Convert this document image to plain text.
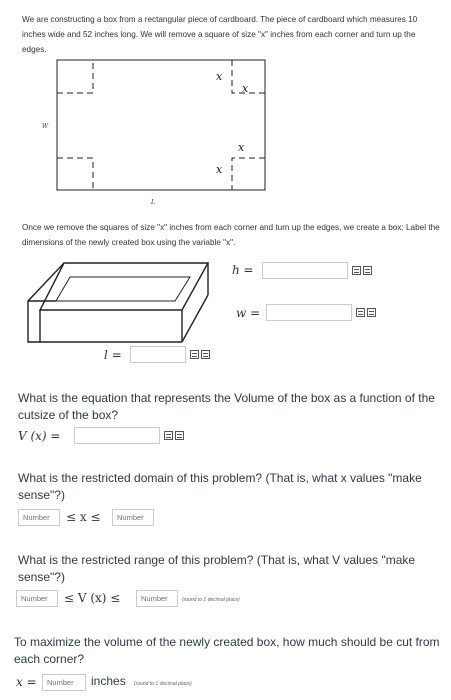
We are constructing a box from a rectangular piece of cardboard. The piece of cardboard which measures 10 inches wide and 52 inches long. We will remove a square of size "x" inches from each corner and turn up the edges.
x
x
x
x
W
L
Once we remove the squares of size "x" inches from each corner and turn up the edges, we create a box: Label the dimensions of the newly created box using the variable "x".
h =
w =
l =
What is the equation that represents the Volume of the box as a function of the cutsize of the box?
V (x) =
What is the restricted domain of this problem? (That is, what x values "make sense"?)
Number	≤ x ≤	Number
What is the restricted range of this problem? (That is, what V values "make sense"?)
Number	≤ V (x) ≤	Number	(round to 1 decimal place)
To maximize the volume of the newly created box, how much should be cut from each corner?
x =	Number	inches (round to 1 decimal place)
